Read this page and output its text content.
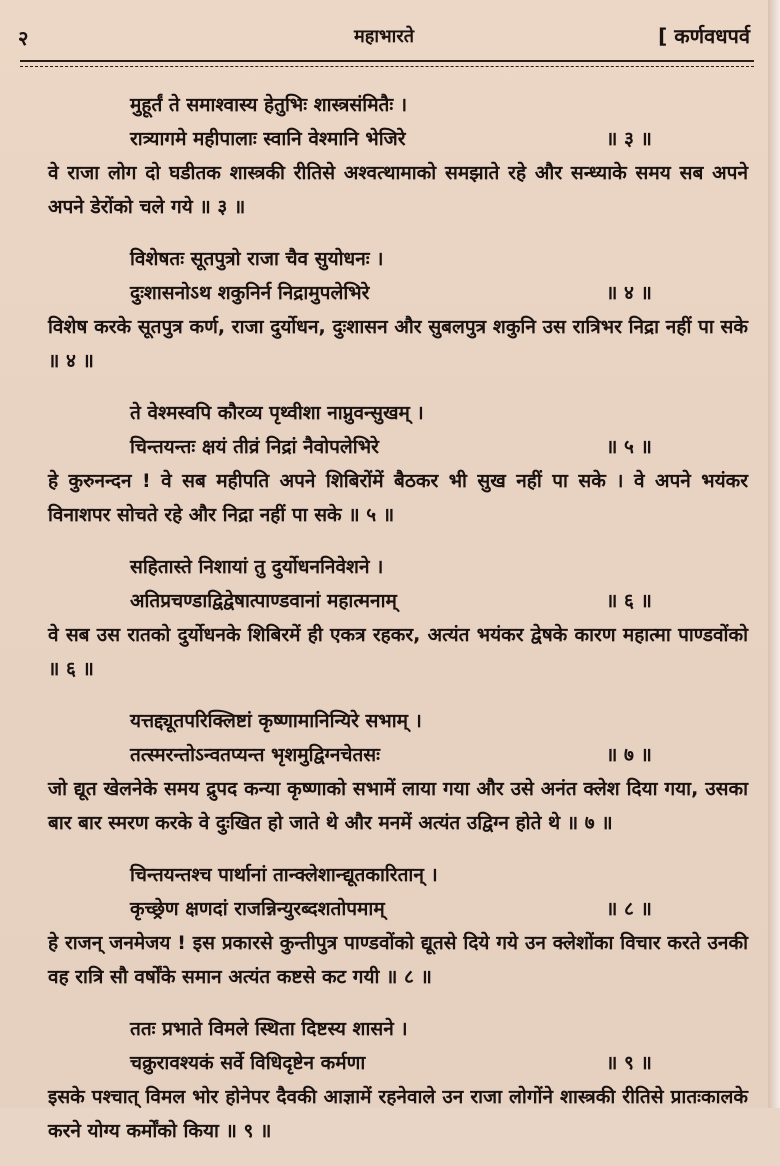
२	महाभारते	[ कर्णवधपर्व
मुहूर्तं ते समाश्वास्य हेतुभिः शास्त्रसंमितैः ।
रात्र्यागमे महीपालाः स्वानि वेश्मानि भेजिरे	॥ ३ ॥
वे राजा लोग दो घडीतक शास्त्रकी रीतिसे अश्वत्थामाको समझाते रहे और सन्ध्याके समय सब अपने अपने डेरोंको चले गये ॥ ३ ॥
विशेषतः सूतपुत्रो राजा चैव सुयोधनः ।
दुःशासनोऽथ शकुनिर्न निद्रामुपलेभिरे	॥ ४ ॥
विशेष करके सूतपुत्र कर्ण, राजा दुर्योधन, दुःशासन और सुबलपुत्र शकुनि उस रात्रिभर निद्रा नहीं पा सके ॥ ४ ॥
ते वेश्मस्वपि कौरव्य पृथ्वीशा नाप्नुवन्सुखम् ।
चिन्तयन्तः क्षयं तीव्रं निद्रां नैवोपलेभिरे	॥ ५ ॥
हे कुरुनन्दन ! वे सब महीपति अपने शिबिरोंमें बैठकर भी सुख नहीं पा सके । वे अपने भयंकर विनाशपर सोचते रहे और निद्रा नहीं पा सके ॥ ५ ॥
सहितास्ते निशायां तु दुर्योधननिवेशने ।
अतिप्रचण्डाद्विद्वेषात्पाण्डवानां महात्मनाम्	॥ ६ ॥
वे सब उस रातको दुर्योधनके शिबिरमें ही एकत्र रहकर, अत्यंत भयंकर द्वेषके कारण महात्मा पाण्डवोंको ॥ ६ ॥
यत्तद्द्यूतपरिक्लिष्टां कृष्णामानिन्यिरे सभाम् ।
तत्स्मरन्तोऽन्वतप्यन्त भृशमुद्विग्नचेतसः	॥ ७ ॥
जो द्यूत खेलनेके समय द्रुपद कन्या कृष्णाको सभामें लाया गया और उसे अनंत क्लेश दिया गया, उसका बार बार स्मरण करके वे दुःखित हो जाते थे और मनमें अत्यंत उद्विग्न होते थे ॥ ७ ॥
चिन्तयन्तश्च पार्थानां तान्क्लेशान्द्यूतकारितान् ।
कृच्छ्रेण क्षणदां राजन्निन्युरब्दशतोपमाम्	॥ ८ ॥
हे राजन् जनमेजय ! इस प्रकारसे कुन्तीपुत्र पाण्डवोंको द्यूतसे दिये गये उन क्लेशोंका विचार करते उनकी वह रात्रि सौ वर्षोंके समान अत्यंत कष्टसे कट गयी ॥ ८ ॥
ततः प्रभाते विमले स्थिता दिष्टस्य शासने ।
चक्रुरावश्यकं सर्वे विधिदृष्टेन कर्मणा	॥ ९ ॥
इसके पश्चात् विमल भोर होनेपर दैवकी आज्ञामें रहनेवाले उन राजा लोगोंने शास्त्रकी रीतिसे प्रातःकालके करने योग्य कर्मोंको किया ॥ ९ ॥
